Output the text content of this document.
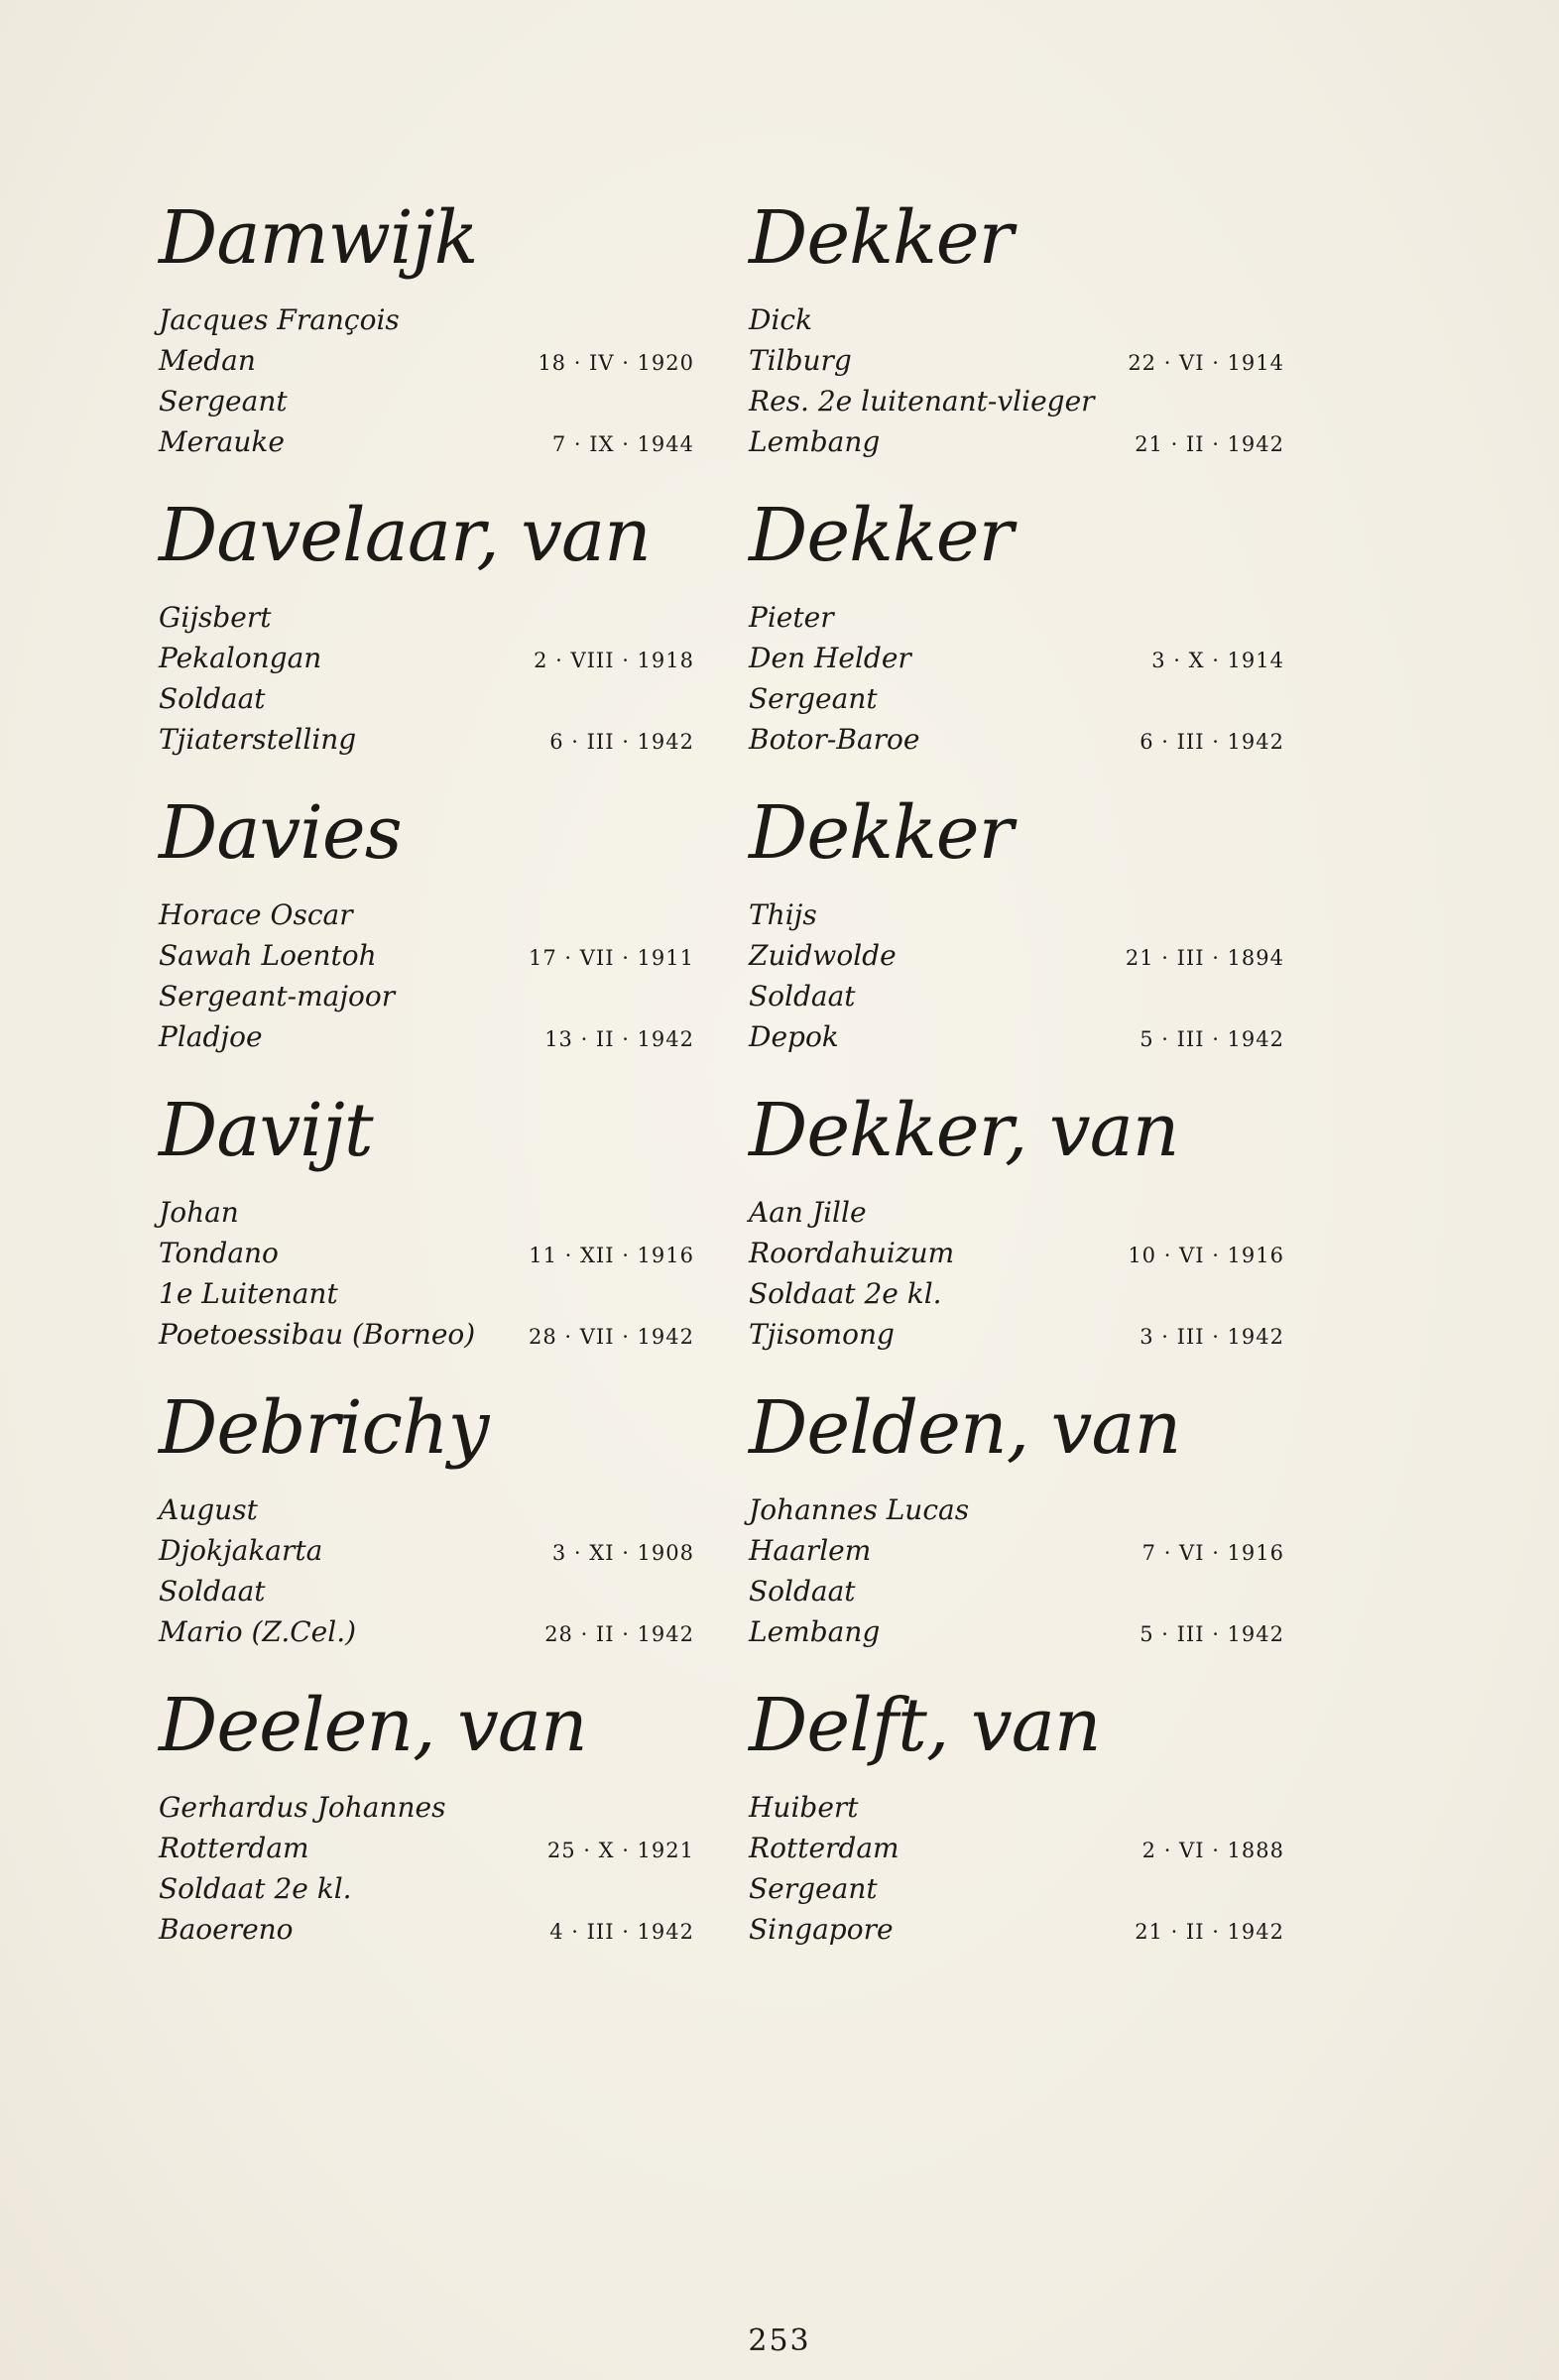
Damwijk
Jacques François
Medan	18 · IV · 1920
Sergeant
Merauke	7 · IX · 1944
Davelaar, van
Gijsbert
Pekalongan	2 · VIII · 1918
Soldaat
Tjiaterstelling	6 · III · 1942
Davies
Horace Oscar
Sawah Loentoh	17 · VII · 1911
Sergeant-majoor
Pladjoe	13 · II · 1942
Davijt
Johan
Tondano	11 · XII · 1916
1e Luitenant
Poetoessibau (Borneo)	28 · VII · 1942
Debrichy
August
Djokjakarta	3 · XI · 1908
Soldaat
Mario (Z.Cel.)	28 · II · 1942
Deelen, van
Gerhardus Johannes
Rotterdam	25 · X · 1921
Soldaat 2e kl.
Baoereno	4 · III · 1942
Dekker
Dick
Tilburg	22 · VI · 1914
Res. 2e luitenant-vlieger
Lembang	21 · II · 1942
Dekker
Pieter
Den Helder	3 · X · 1914
Sergeant
Botor-Baroe	6 · III · 1942
Dekker
Thijs
Zuidwolde	21 · III · 1894
Soldaat
Depok	5 · III · 1942
Dekker, van
Aan Jille
Roordahuizum	10 · VI · 1916
Soldaat 2e kl.
Tjisomong	3 · III · 1942
Delden, van
Johannes Lucas
Haarlem	7 · VI · 1916
Soldaat
Lembang	5 · III · 1942
Delft, van
Huibert
Rotterdam	2 · VI · 1888
Sergeant
Singapore	21 · II · 1942
253
